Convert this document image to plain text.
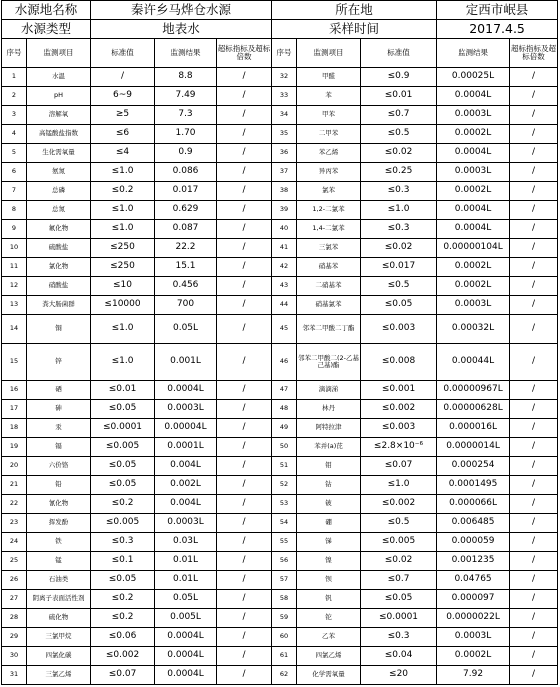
水源地名称		秦许乡马烨仓水源			所在地			定西市岷县	
水源类型		地表水			采样时间			2017.4.5	
序号	监测项目	标准值	监测结果	超标指标及超标倍数	序号	监测项目	标准值	监测结果	超标指标及超标倍数
1	水温	/	8.8	/	32	甲醛	≤0.9	0.00025L	/
2	pH	6~9	7.49	/	33	苯	≤0.01	0.0004L	/
3	溶解氧	≥5	7.3	/	34	甲苯	≤0.7	0.0003L	/
4	高锰酸盐指数	≤6	1.70	/	35	二甲苯	≤0.5	0.0002L	/
5	生化需氧量	≤4	0.9	/	36	苯乙烯	≤0.02	0.0004L	/
6	氨氮	≤1.0	0.086	/	37	异丙苯	≤0.25	0.0003L	/
7	总磷	≤0.2	0.017	/	38	氯苯	≤0.3	0.0002L	/
8	总氮	≤1.0	0.629	/	39	1,2-二氯苯	≤1.0	0.0004L	/
9	氟化物	≤1.0	0.087	/	40	1,4-二氯苯	≤0.3	0.0004L	/
10	硫酸盐	≤250	22.2	/	41	三氯苯	≤0.02	0.00000104L	/
11	氯化物	≤250	15.1	/	42	硝基苯	≤0.017	0.0002L	/
12	硝酸盐	≤10	0.456	/	43	二硝基苯	≤0.5	0.0002L	/
13	粪大肠菌群	≤10000	700	/	44	硝基氯苯	≤0.05	0.0003L	/
14	铜	≤1.0	0.05L	/	45	邻苯二甲酸二丁酯	≤0.003	0.00032L	/
15	锌	≤1.0	0.001L	/	46	邻苯二甲酸二(2-乙基己基)酯	≤0.008	0.00044L	/
16	硒	≤0.01	0.0004L	/	47	滴滴涕	≤0.001	0.00000967L	/
17	砷	≤0.05	0.0003L	/	48	林丹	≤0.002	0.00000628L	/
18	汞	≤0.0001	0.00004L	/	49	阿特拉津	≤0.003	0.000016L	/
19	镉	≤0.005	0.0001L	/	50	苯并(a)芘	≤2.8×10⁻⁶	0.0000014L	/
20	六价铬	≤0.05	0.004L	/	51	钼	≤0.07	0.000254	/
21	铅	≤0.05	0.002L	/	52	钴	≤1.0	0.0001495	/
22	氰化物	≤0.2	0.004L	/	53	铍	≤0.002	0.000066L	/
23	挥发酚	≤0.005	0.0003L	/	54	硼	≤0.5	0.006485	/
24	铁	≤0.3	0.03L	/	55	锑	≤0.005	0.000059	/
25	锰	≤0.1	0.01L	/	56	镍	≤0.02	0.001235	/
26	石油类	≤0.05	0.01L	/	57	钡	≤0.7	0.04765	/
27	阴离子表面活性剂	≤0.2	0.05L	/	58	钒	≤0.05	0.000097	/
28	硫化物	≤0.2	0.005L	/	59	铊	≤0.0001	0.0000022L	/
29	三氯甲烷	≤0.06	0.0004L	/	60	乙苯	≤0.3	0.0003L	/
30	四氯化碳	≤0.002	0.0004L	/	61	四氯乙烯	≤0.04	0.0002L	/
31	三氯乙烯	≤0.07	0.0004L	/	62	化学需氧量	≤20	7.92	/
